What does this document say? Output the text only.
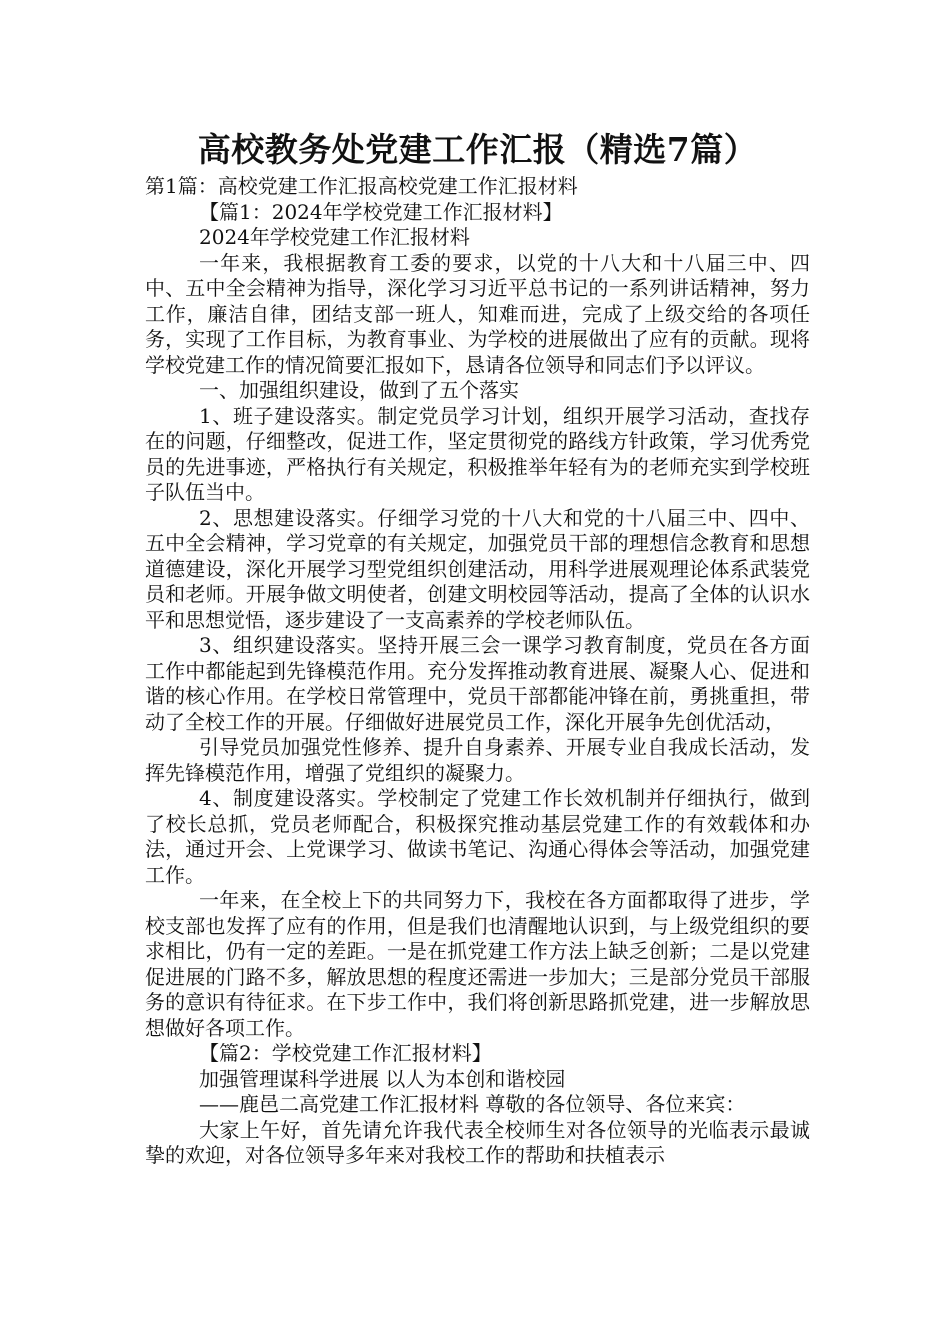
高校教务处党建工作汇报（精选7篇）

第1篇：高校党建工作汇报高校党建工作汇报材料

【篇1：2024年学校党建工作汇报材料】

2024年学校党建工作汇报材料

一年来，我根据教育工委的要求，以党的十八大和十八届三中、四中、五中全会精神为指导，深化学习习近平总书记的一系列讲话精神，努力工作，廉洁自律，团结支部一班人，知难而进，完成了上级交给的各项任务，实现了工作目标，为教育事业、为学校的进展做出了应有的贡献。现将学校党建工作的情况简要汇报如下，恳请各位领导和同志们予以评议。

一、加强组织建设，做到了五个落实

1、班子建设落实。制定党员学习计划，组织开展学习活动，查找存在的问题，仔细整改，促进工作，坚定贯彻党的路线方针政策，学习优秀党员的先进事迹，严格执行有关规定，积极推举年轻有为的老师充实到学校班子队伍当中。

2、思想建设落实。仔细学习党的十八大和党的十八届三中、四中、五中全会精神，学习党章的有关规定，加强党员干部的理想信念教育和思想道德建设，深化开展学习型党组织创建活动，用科学进展观理论体系武装党员和老师。开展争做文明使者，创建文明校园等活动，提高了全体的认识水平和思想觉悟，逐步建设了一支高素养的学校老师队伍。

3、组织建设落实。坚持开展三会一课学习教育制度，党员在各方面工作中都能起到先锋模范作用。充分发挥推动教育进展、凝聚人心、促进和谐的核心作用。在学校日常管理中，党员干部都能冲锋在前，勇挑重担，带动了全校工作的开展。仔细做好进展党员工作，深化开展争先创优活动，

引导党员加强党性修养、提升自身素养、开展专业自我成长活动，发挥先锋模范作用，增强了党组织的凝聚力。

4、制度建设落实。学校制定了党建工作长效机制并仔细执行，做到了校长总抓，党员老师配合，积极探究推动基层党建工作的有效载体和办法，通过开会、上党课学习、做读书笔记、沟通心得体会等活动，加强党建工作。

一年来，在全校上下的共同努力下，我校在各方面都取得了进步，学校支部也发挥了应有的作用，但是我们也清醒地认识到，与上级党组织的要求相比，仍有一定的差距。一是在抓党建工作方法上缺乏创新；二是以党建促进展的门路不多，解放思想的程度还需进一步加大；三是部分党员干部服务的意识有待征求。在下步工作中，我们将创新思路抓党建，进一步解放思想做好各项工作。

【篇2：学校党建工作汇报材料】

加强管理谋科学进展 以人为本创和谐校园

——鹿邑二高党建工作汇报材料 尊敬的各位领导、各位来宾：

大家上午好，首先请允许我代表全校师生对各位领导的光临表示最诚挚的欢迎，对各位领导多年来对我校工作的帮助和扶植表示
